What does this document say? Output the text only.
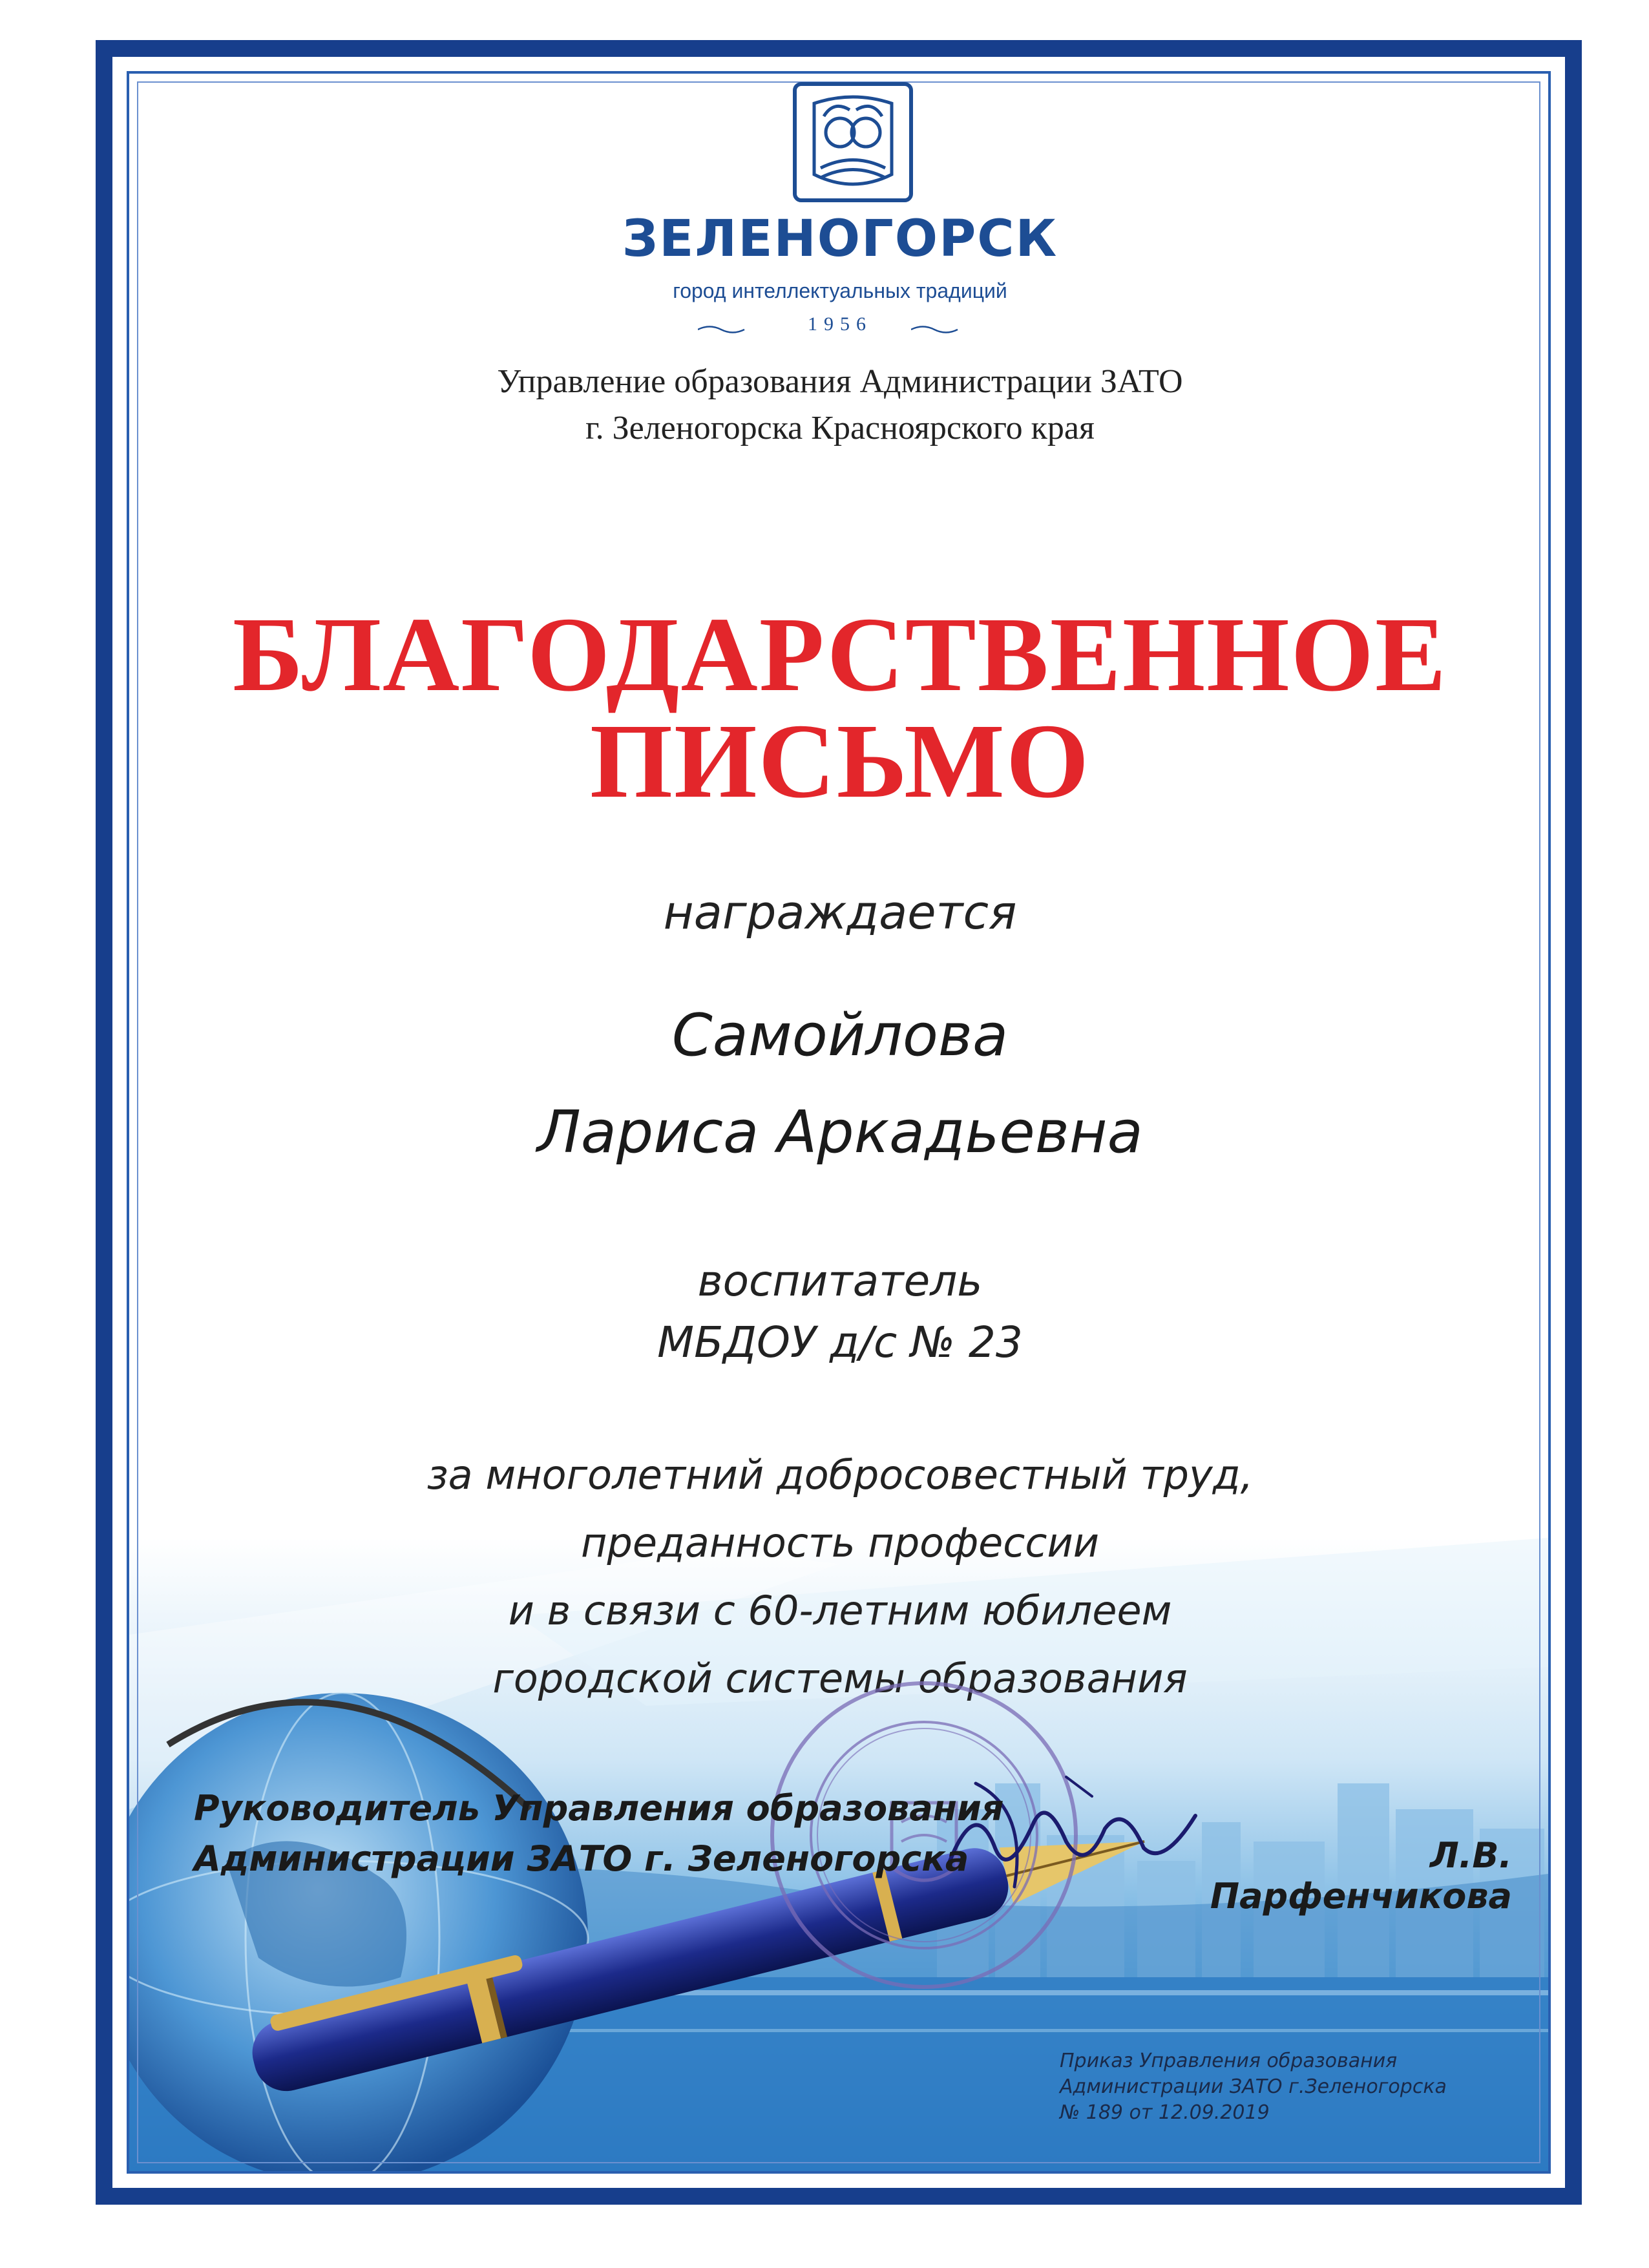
ЗЕЛЕНОГОРСК
город интеллектуальных традиций
1956
Управление образования Администрации ЗАТО
г. Зеленогорска Красноярского края
БЛАГОДАРСТВЕННОЕ
ПИСЬМО
награждается
Самойлова
Лариса Аркадьевна
воспитатель
МБДОУ д/с № 23
за многолетний добросовестный труд,
преданность профессии
и в связи с 60-летним юбилеем
городской системы образования
Руководитель Управления образования
Администрации ЗАТО г. Зеленогорска	Л.В. Парфенчикова
Приказ Управления образования
Администрации ЗАТО г.Зеленогорска
№ 189 от 12.09.2019
